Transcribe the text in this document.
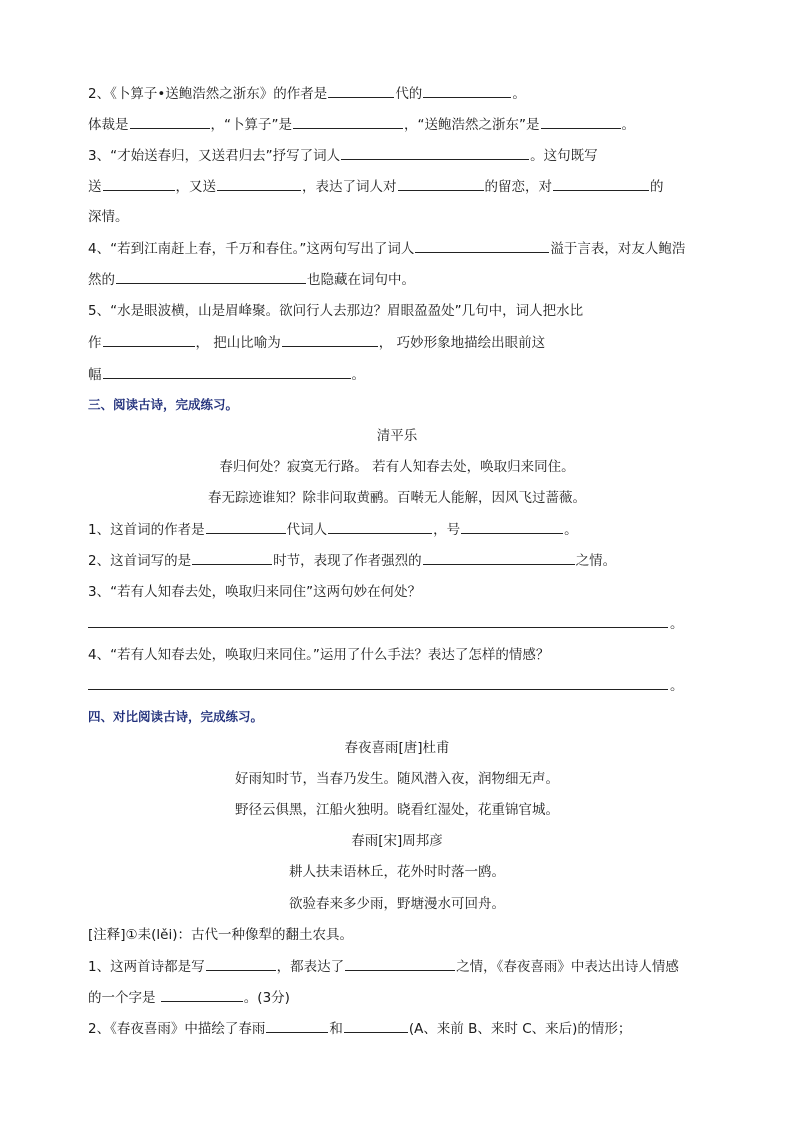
2、《卜算子•送鲍浩然之浙东》的作者是	代的	。
体裁是	，“卜算子”是	，“送鲍浩然之浙东”是	。
3、“才始送春归，又送君归去”抒写了词人	。这句既写
送	，又送	，表达了词人对	的留恋，对	的
深情。
4、“若到江南赶上春，千万和春住。”这两句写出了词人	溢于言表，对友人鲍浩
然的	也隐藏在词句中。
5、“水是眼波横，山是眉峰聚。欲问行人去那边？眉眼盈盈处”几句中，词人把水比
作	， 把山比喻为	， 巧妙形象地描绘出眼前这
幅	。
三、阅读古诗，完成练习。
清平乐
春归何处？寂寞无行路。 若有人知春去处，唤取归来同住。
春无踪迹谁知？除非问取黄鹂。百啭无人能解，因风飞过蔷薇。
1、这首词的作者是	代词人	，号	。
2、这首词写的是	时节，表现了作者强烈的	之情。
3、“若有人知春去处，唤取归来同住”这两句妙在何处？
。
4、“若有人知春去处，唤取归来同住。”运用了什么手法？表达了怎样的情感？
。
四、对比阅读古诗，完成练习。
春夜喜雨[唐]杜甫
好雨知时节，当春乃发生。随风潜入夜，润物细无声。
野径云俱黑，江船火独明。晓看红湿处，花重锦官城。
春雨[宋]周邦彦
耕人扶耒语林丘，花外时时落一鸥。
欲验春来多少雨，野塘漫水可回舟。
[注释]①耒(lěi)：古代一种像犁的翻土农具。
1、这两首诗都是写	，都表达了	之情，《春夜喜雨》中表达出诗人情感
的一个字是	。(3分)
2、《春夜喜雨》中描绘了春雨	和	(A、来前 B、来时 C、来后)的情形；
